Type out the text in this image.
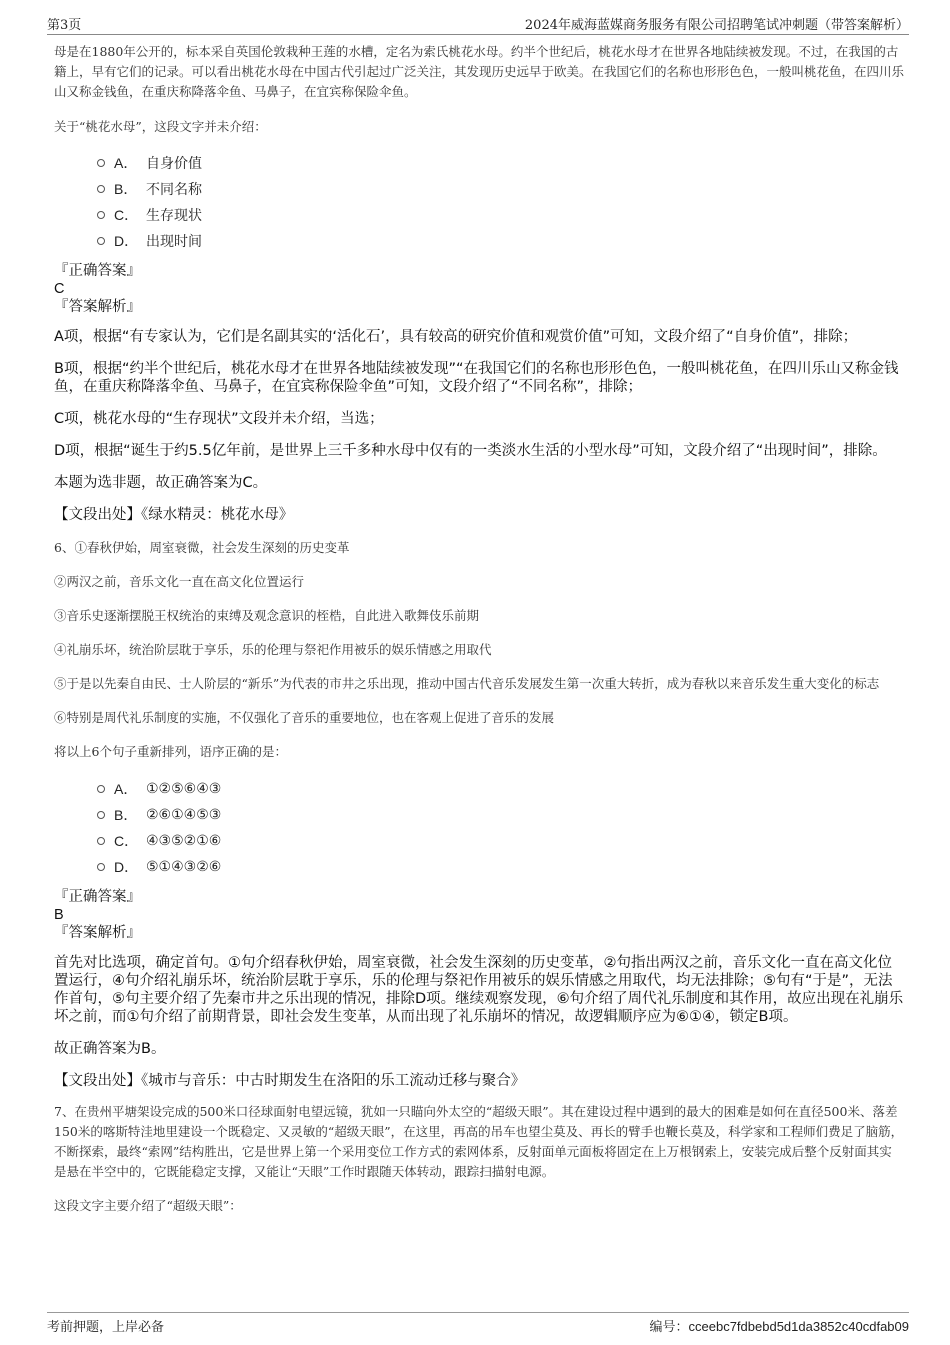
第3页	2024年威海蓝媒商务服务有限公司招聘笔试冲刺题（带答案解析）

母是在1880年公开的，标本采自英国伦敦栽种王莲的水槽，定名为索氏桃花水母。约半个世纪后，桃花水母才在世界各地陆续被发现。不过，在我国的古籍上，早有它们的记录。可以看出桃花水母在中国古代引起过广泛关注，其发现历史远早于欧美。在我国它们的名称也形形色色，一般叫桃花鱼，在四川乐山又称金钱鱼，在重庆称降落伞鱼、马鼻子，在宜宾称保险伞鱼。

关于“桃花水母”，这段文字并未介绍：

A． 自身价值
B． 不同名称
C． 生存现状
D． 出现时间

『正确答案』

C

『答案解析』

A项，根据“有专家认为，它们是名副其实的‘活化石’，具有较高的研究价值和观赏价值”可知，文段介绍了“自身价值”，排除；

B项，根据“约半个世纪后，桃花水母才在世界各地陆续被发现”“在我国它们的名称也形形色色，一般叫桃花鱼，在四川乐山又称金钱鱼，在重庆称降落伞鱼、马鼻子，在宜宾称保险伞鱼”可知，文段介绍了“不同名称”，排除；

C项，桃花水母的“生存现状”文段并未介绍，当选；

D项，根据“诞生于约5.5亿年前，是世界上三千多种水母中仅有的一类淡水生活的小型水母”可知，文段介绍了“出现时间”，排除。

本题为选非题，故正确答案为C。

【文段出处】《绿水精灵：桃花水母》

6、①春秋伊始，周室衰微，社会发生深刻的历史变革

②两汉之前，音乐文化一直在高文化位置运行

③音乐史逐渐摆脱王权统治的束缚及观念意识的桎梏，自此进入歌舞伎乐前期

④礼崩乐坏，统治阶层耽于享乐，乐的伦理与祭祀作用被乐的娱乐情感之用取代

⑤于是以先秦自由民、士人阶层的“新乐”为代表的市井之乐出现，推动中国古代音乐发展发生第一次重大转折，成为春秋以来音乐发生重大变化的标志

⑥特别是周代礼乐制度的实施，不仅强化了音乐的重要地位，也在客观上促进了音乐的发展

将以上6个句子重新排列，语序正确的是：

A． ①②⑤⑥④③
B． ②⑥①④⑤③
C． ④③⑤②①⑥
D． ⑤①④③②⑥

『正确答案』

B

『答案解析』

首先对比选项，确定首句。①句介绍春秋伊始，周室衰微，社会发生深刻的历史变革，②句指出两汉之前，音乐文化一直在高文化位置运行，④句介绍礼崩乐坏，统治阶层耽于享乐，乐的伦理与祭祀作用被乐的娱乐情感之用取代，均无法排除；⑤句有“于是”，无法作首句，⑤句主要介绍了先秦市井之乐出现的情况，排除D项。继续观察发现，⑥句介绍了周代礼乐制度和其作用，故应出现在礼崩乐坏之前，而①句介绍了前期背景，即社会发生变革，从而出现了礼乐崩坏的情况，故逻辑顺序应为⑥①④，锁定B项。

故正确答案为B。

【文段出处】《城市与音乐：中古时期发生在洛阳的乐工流动迁移与聚合》

7、在贵州平塘架设完成的500米口径球面射电望远镜，犹如一只瞄向外太空的“超级天眼”。其在建设过程中遇到的最大的困难是如何在直径500米、落差150米的喀斯特洼地里建设一个既稳定、又灵敏的“超级天眼”，在这里，再高的吊车也望尘莫及、再长的臂手也鞭长莫及，科学家和工程师们费足了脑筋，不断探索，最终“索网”结构胜出，它是世界上第一个采用变位工作方式的索网体系，反射面单元面板将固定在上万根钢索上，安装完成后整个反射面其实是悬在半空中的，它既能稳定支撑，又能让“天眼”工作时跟随天体转动，跟踪扫描射电源。

这段文字主要介绍了“超级天眼”：

考前押题，上岸必备	编号：cceebc7fdbebd5d1da3852c40cdfab09
